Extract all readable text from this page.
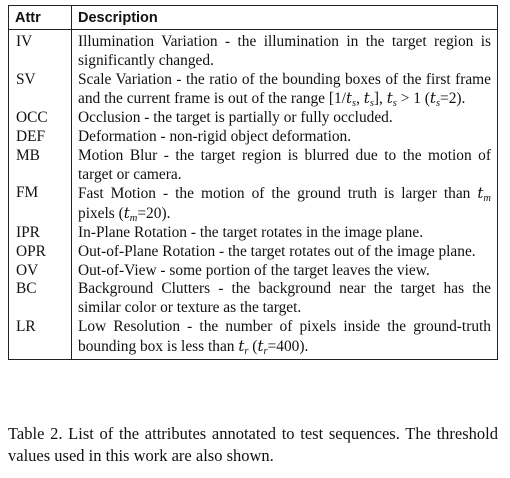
Attr	Description
IV	Illumination Variation - the illumination in the target region is significantly changed.
SV	Scale Variation - the ratio of the bounding boxes of the first frame and the current frame is out of the range [$1/t_s$, $t_s$], $t_s > 1$ $(t_s=2)$.
OCC	Occlusion - the target is partially or fully occluded.
DEF	Deformation - non-rigid object deformation.
MB	Motion Blur - the target region is blurred due to the motion of target or camera.
FM	Fast Motion - the motion of the ground truth is larger than $t_m$ pixels $(t_m=20)$.
IPR	In-Plane Rotation - the target rotates in the image plane.
OPR	Out-of-Plane Rotation - the target rotates out of the image plane.
OV	Out-of-View - some portion of the target leaves the view.
BC	Background Clutters - the background near the target has the similar color or texture as the target.
LR	Low Resolution - the number of pixels inside the ground-truth bounding box is less than $t_r$ $(t_r=400)$.
Table 2. List of the attributes annotated to test sequences. The threshold values used in this work are also shown.
